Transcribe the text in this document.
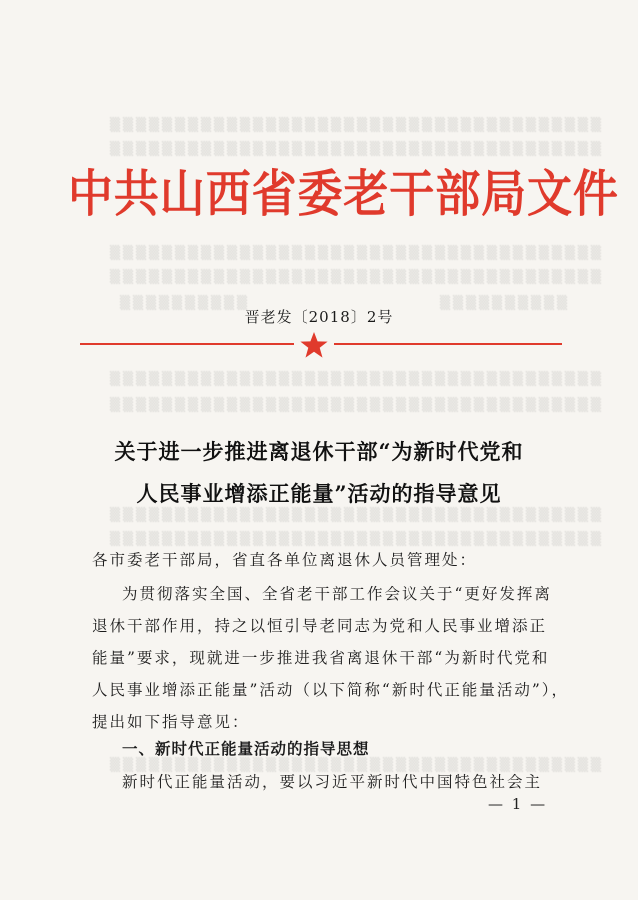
▒▒▒▒▒▒▒▒▒▒▒▒▒▒▒▒▒▒▒▒▒▒▒▒▒▒▒▒▒▒▒▒▒▒▒▒▒▒
▒▒▒▒▒▒▒▒▒▒▒▒▒▒▒▒▒▒▒▒▒▒▒▒▒▒▒▒▒▒▒▒▒▒▒▒▒▒
▒▒▒▒▒▒▒▒▒▒▒▒▒▒▒▒▒▒▒▒▒▒▒▒▒▒▒▒▒▒▒▒▒▒▒▒▒▒
▒▒▒▒▒▒▒▒▒▒▒▒▒▒▒▒▒▒▒▒▒▒▒▒▒▒▒▒▒▒▒▒▒▒▒▒▒▒
▒▒▒▒▒▒▒▒▒▒	▒▒▒▒▒▒▒▒▒▒
▒▒▒▒▒▒▒▒▒▒▒▒▒▒▒▒▒▒▒▒▒▒▒▒▒▒▒▒▒▒▒▒▒▒▒▒▒▒
▒▒▒▒▒▒▒▒▒▒▒▒▒▒▒▒▒▒▒▒▒▒▒▒▒▒▒▒▒▒▒▒▒▒▒▒▒▒
▒▒▒▒▒▒▒▒▒▒▒▒▒▒▒▒▒▒▒▒▒▒▒▒▒▒▒▒▒▒▒▒▒▒▒▒▒▒
▒▒▒▒▒▒▒▒▒▒▒▒▒▒▒▒▒▒▒▒▒▒▒▒▒▒▒▒▒▒▒▒▒▒▒▒▒▒
▒▒▒▒▒▒▒▒▒▒▒▒▒▒▒▒▒▒▒▒▒▒▒▒▒▒▒▒▒▒▒▒▒▒▒▒▒▒
中共山西省委老干部局文件
晋老发〔2018〕2号
关于进一步推进离退休干部“为新时代党和
人民事业增添正能量”活动的指导意见
各市委老干部局，省直各单位离退休人员管理处：
为贯彻落实全国、全省老干部工作会议关于“更好发挥离
退休干部作用，持之以恒引导老同志为党和人民事业增添正
能量”要求，现就进一步推进我省离退休干部“为新时代党和
人民事业增添正能量”活动（以下简称“新时代正能量活动”），
提出如下指导意见：
一、新时代正能量活动的指导思想
新时代正能量活动，要以习近平新时代中国特色社会主
— 1 —
